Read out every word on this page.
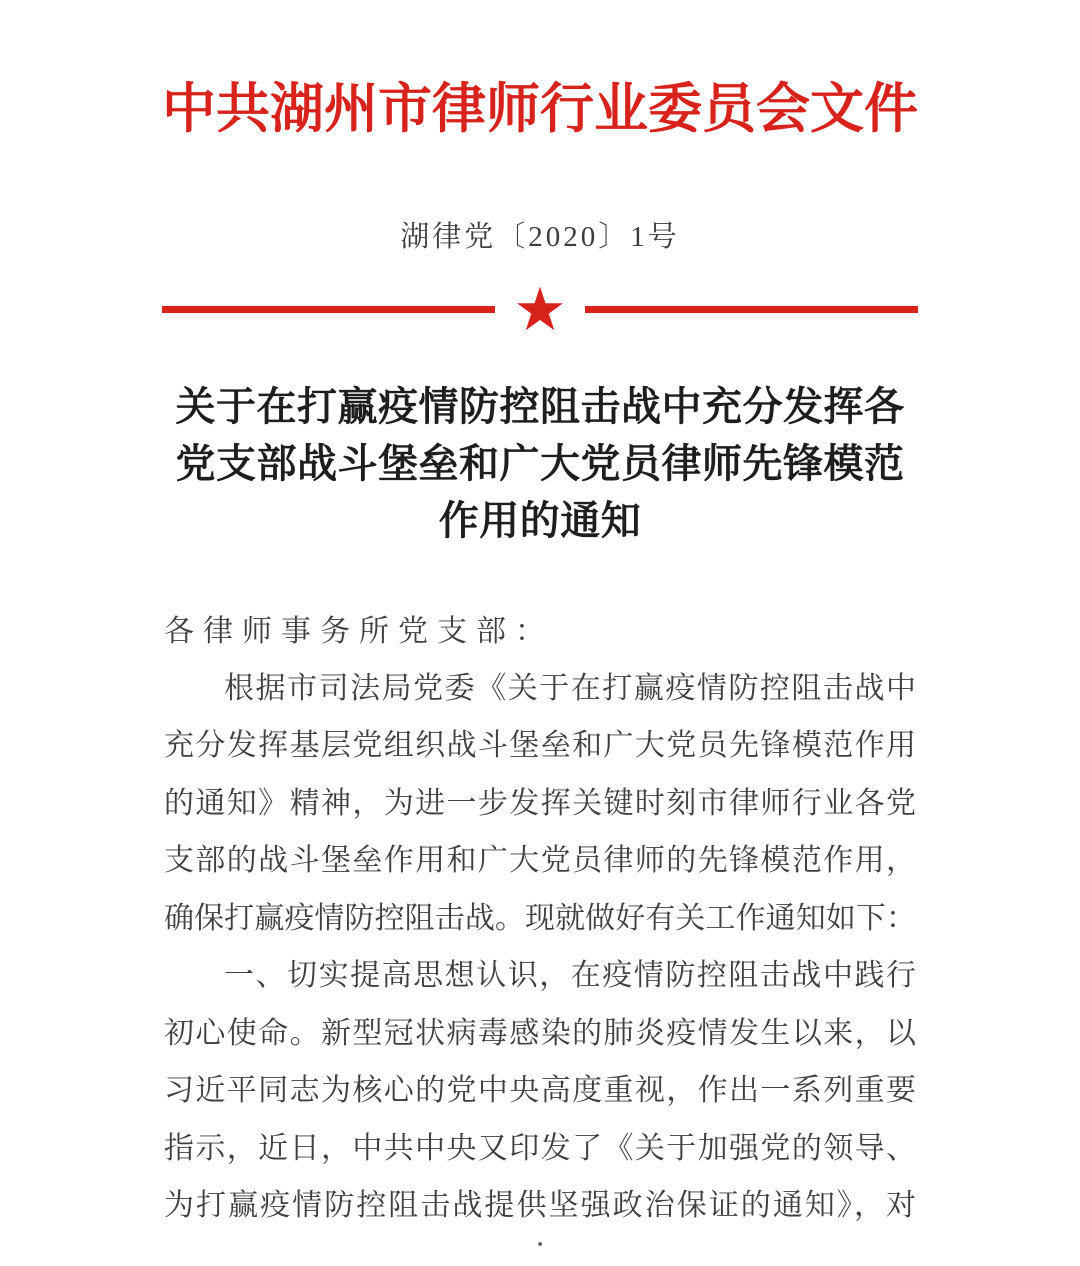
中共湖州市律师行业委员会文件
湖律党〔2020〕1号
★
关于在打赢疫情防控阻击战中充分发挥各
党支部战斗堡垒和广大党员律师先锋模范
作用的通知
各律师事务所党支部：
根据市司法局党委《关于在打赢疫情防控阻击战中
充分发挥基层党组织战斗堡垒和广大党员先锋模范作用
的通知》精神，为进一步发挥关键时刻市律师行业各党
支部的战斗堡垒作用和广大党员律师的先锋模范作用，
确保打赢疫情防控阻击战。现就做好有关工作通知如下：
一、切实提高思想认识，在疫情防控阻击战中践行
初心使命。新型冠状病毒感染的肺炎疫情发生以来，以
习近平同志为核心的党中央高度重视，作出一系列重要
指示，近日，中共中央又印发了《关于加强党的领导、
为打赢疫情防控阻击战提供坚强政治保证的通知》，对
▪
